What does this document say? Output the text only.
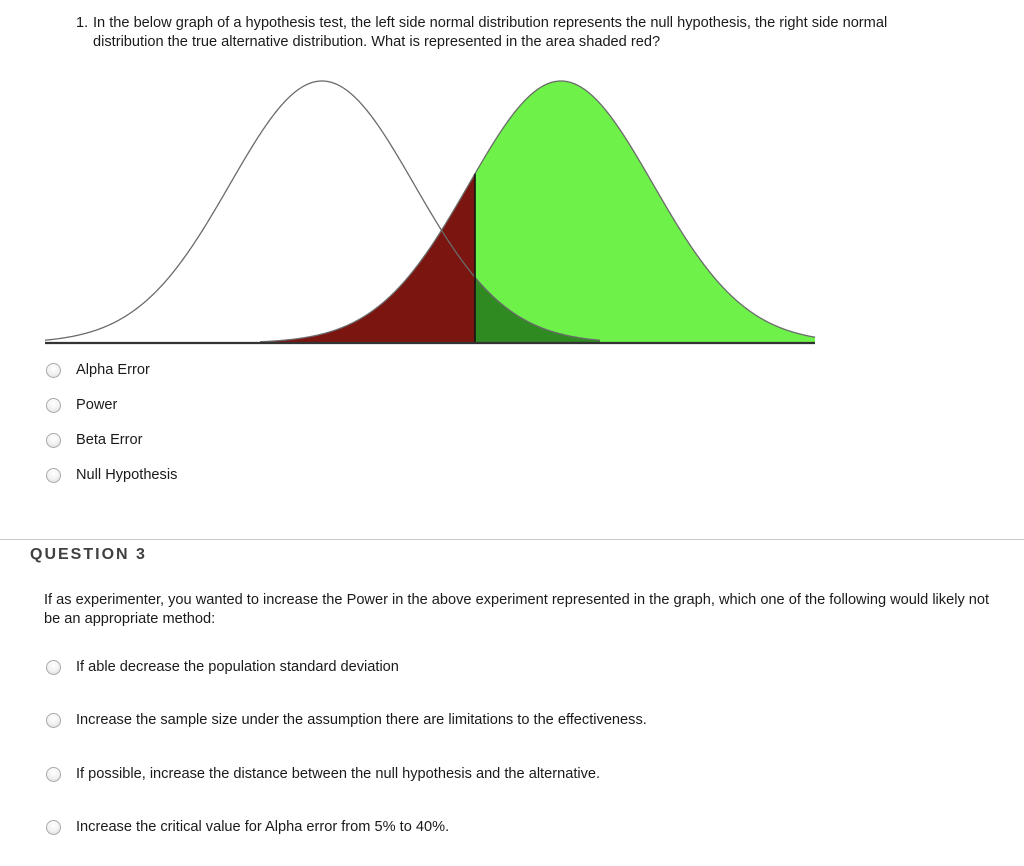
1. In the below graph of a hypothesis test, the left side normal distribution represents the null hypothesis, the right side normal
distribution the true alternative distribution. What is represented in the area shaded red?
Alpha Error
Power
Beta Error
Null Hypothesis
QUESTION 3
If as experimenter, you wanted to increase the Power in the above experiment represented in the graph, which one of the following would likely not be an appropriate method:
If able decrease the population standard deviation
Increase the sample size under the assumption there are limitations to the effectiveness.
If possible, increase the distance between the null hypothesis and the alternative.
Increase the critical value for Alpha error from 5% to 40%.
